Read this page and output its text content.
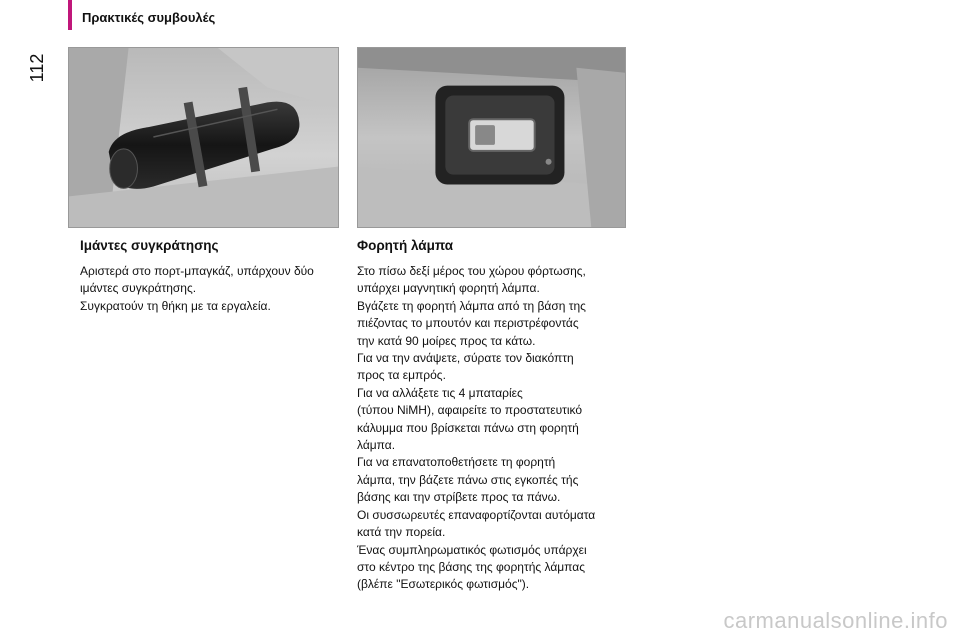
Πρακτικές συμβουλές
112
Ιμάντες συγκράτησης

Αριστερά στο πορτ-μπαγκάζ, υπάρχουν δύο

ιμάντες συγκράτησης.

Συγκρατούν τη θήκη με τα εργαλεία.

Φορητή λάμπα

Στο πίσω δεξί μέρος του χώρου φόρτωσης,

υπάρχει μαγνητική φορητή λάμπα.

Βγάζετε τη φορητή λάμπα από τη βάση της

πιέζοντας το μπουτόν και περιστρέφοντάς

την κατά 90 μοίρες προς τα κάτω.

Για να την ανάψετε, σύρατε τον διακόπτη

προς τα εμπρός.

Για να αλλάξετε τις 4 μπαταρίες

(τύπου NiMH), αφαιρείτε το προστατευτικό

κάλυμμα που βρίσκεται πάνω στη φορητή

λάμπα.

Για να επανατοποθετήσετε τη φορητή

λάμπα, την βάζετε πάνω στις εγκοπές τής

βάσης και την στρίβετε προς τα πάνω.

Οι συσσωρευτές επαναφορτίζονται αυτόματα

κατά την πορεία.

Ένας συμπληρωματικός φωτισμός υπάρχει

στο κέντρο της βάσης της φορητής λάμπας

(βλέπε "Εσωτερικός φωτισμός").

carmanualsonline.info
